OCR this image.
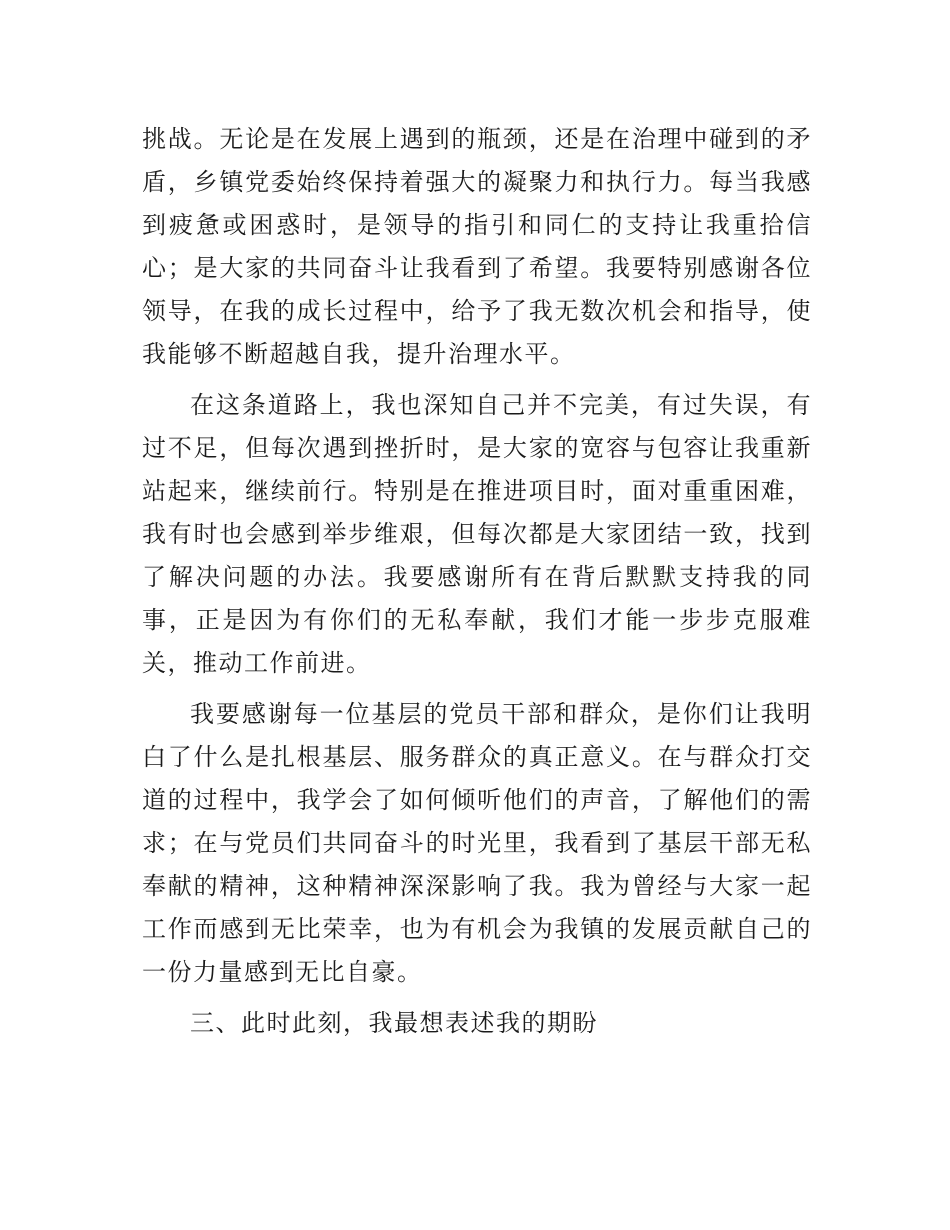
挑战。无论是在发展上遇到的瓶颈，还是在治理中碰到的矛盾，乡镇党委始终保持着强大的凝聚力和执行力。每当我感到疲惫或困惑时，是领导的指引和同仁的支持让我重拾信心；是大家的共同奋斗让我看到了希望。我要特别感谢各位领导，在我的成长过程中，给予了我无数次机会和指导，使我能够不断超越自我，提升治理水平。

在这条道路上，我也深知自己并不完美，有过失误，有过不足，但每次遇到挫折时，是大家的宽容与包容让我重新站起来，继续前行。特别是在推进项目时，面对重重困难，我有时也会感到举步维艰，但每次都是大家团结一致，找到了解决问题的办法。我要感谢所有在背后默默支持我的同事，正是因为有你们的无私奉献，我们才能一步步克服难关，推动工作前进。

我要感谢每一位基层的党员干部和群众，是你们让我明白了什么是扎根基层、服务群众的真正意义。在与群众打交道的过程中，我学会了如何倾听他们的声音，了解他们的需求；在与党员们共同奋斗的时光里，我看到了基层干部无私奉献的精神，这种精神深深影响了我。我为曾经与大家一起工作而感到无比荣幸，也为有机会为我镇的发展贡献自己的一份力量感到无比自豪。

三、此时此刻，我最想表述我的期盼
